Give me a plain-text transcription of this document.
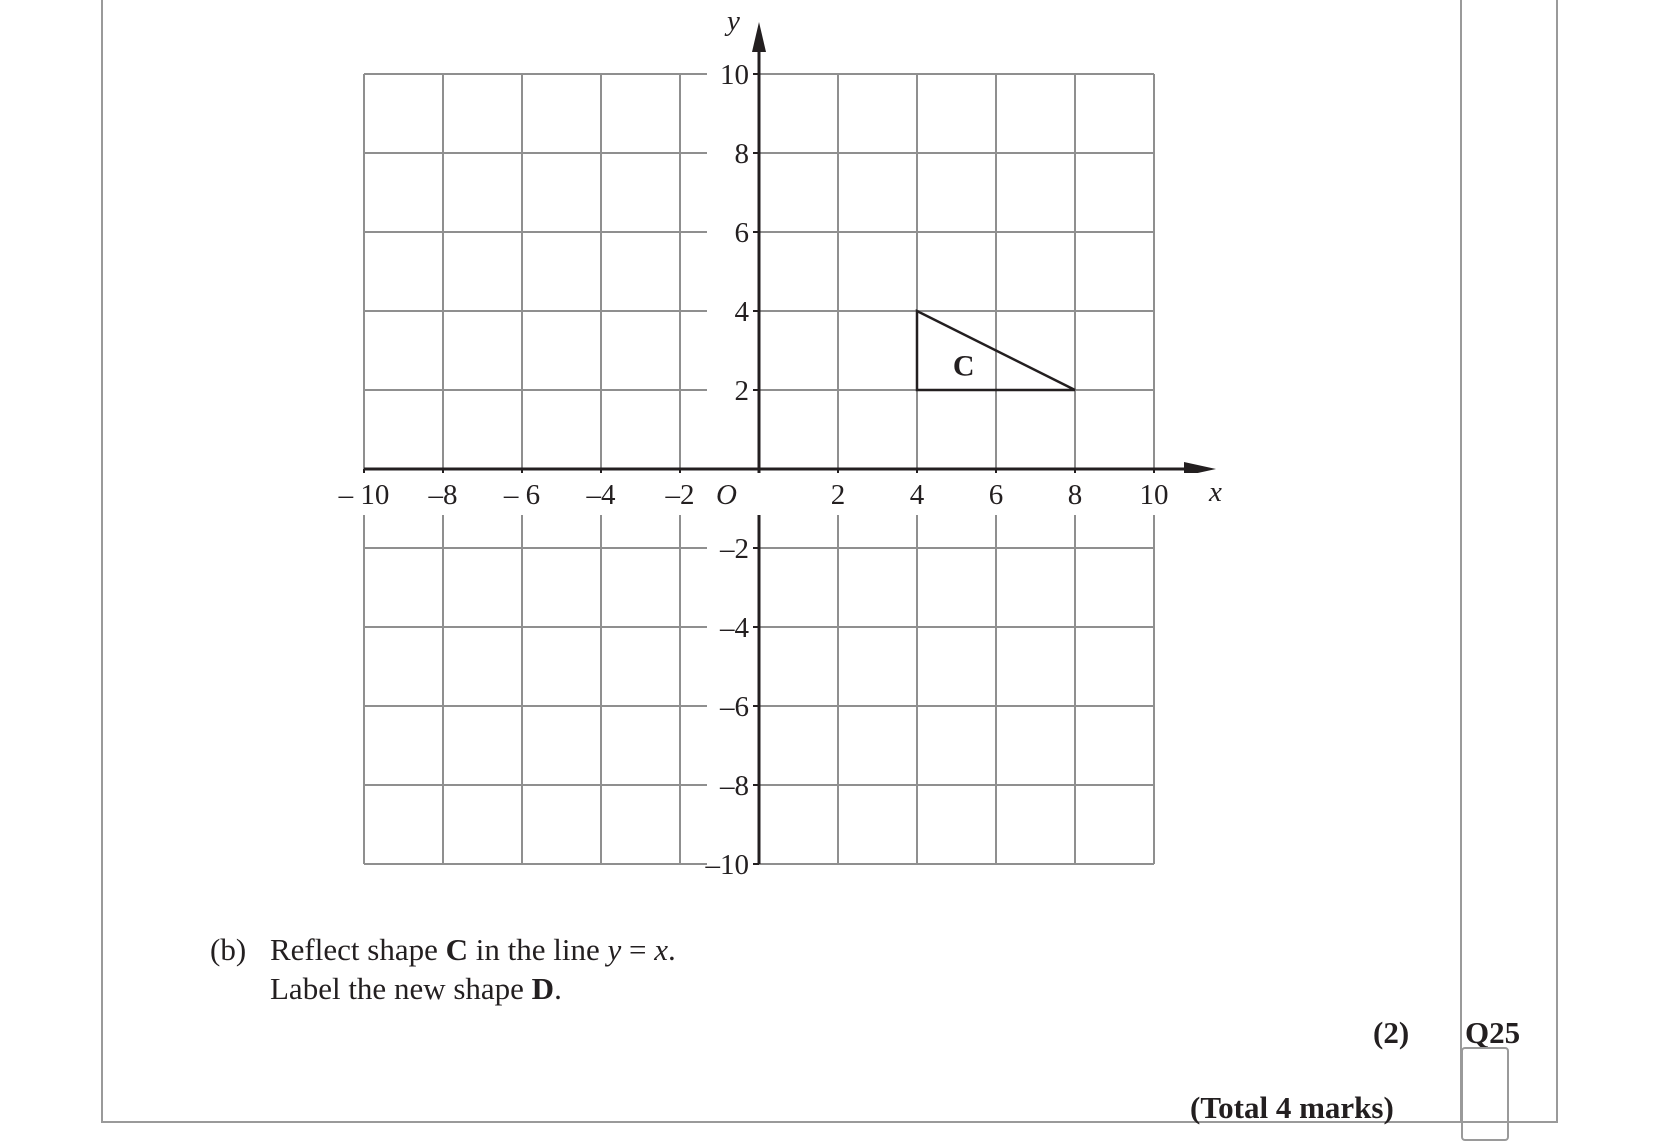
– 10 –8 – 6 –4 –2	2 4 6 8 10
10
8
6
4
2
–2
–4
–6
–8
–10
O	x
y
C
(b) Reflect shape C in the line y = x.
Label the new shape D.
(2) Q25
(Total 4 marks)
